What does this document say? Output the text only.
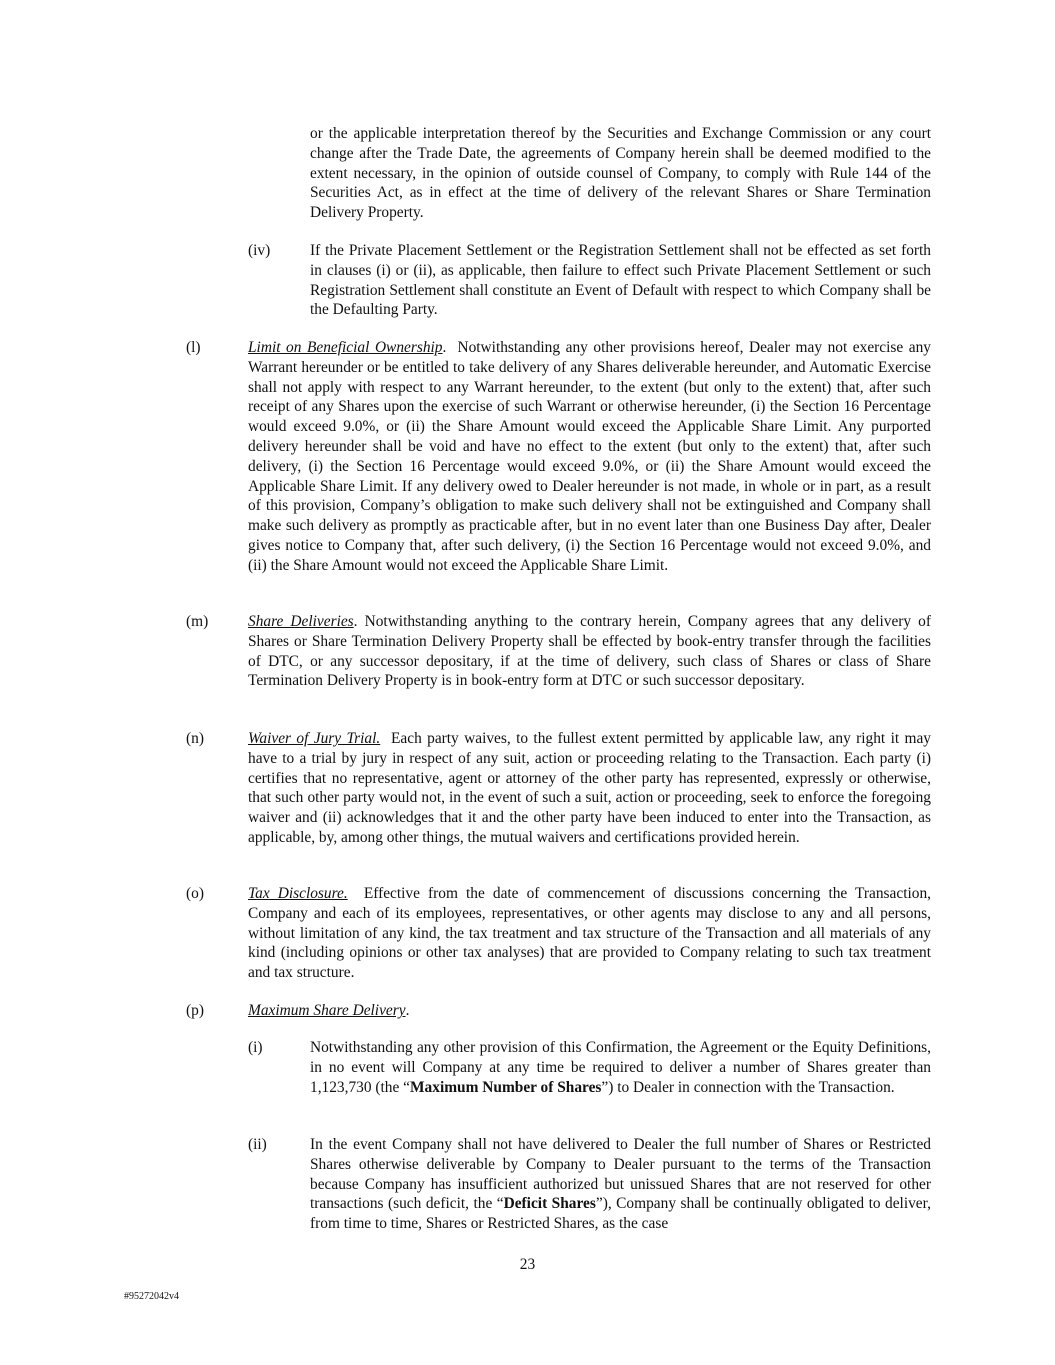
or the applicable interpretation thereof by the Securities and Exchange Commission or any court change after the Trade Date, the agreements of Company herein shall be deemed modified to the extent necessary, in the opinion of outside counsel of Company, to comply with Rule 144 of the Securities Act, as in effect at the time of delivery of the relevant Shares or Share Termination Delivery Property.

(iv)	If the Private Placement Settlement or the Registration Settlement shall not be effected as set forth in clauses (i) or (ii), as applicable, then failure to effect such Private Placement Settlement or such Registration Settlement shall constitute an Event of Default with respect to which Company shall be the Defaulting Party.

(l)	Limit on Beneficial Ownership.  Notwithstanding any other provisions hereof, Dealer may not exercise any Warrant hereunder or be entitled to take delivery of any Shares deliverable hereunder, and Automatic Exercise shall not apply with respect to any Warrant hereunder, to the extent (but only to the extent) that, after such receipt of any Shares upon the exercise of such Warrant or otherwise hereunder, (i) the Section 16 Percentage would exceed 9.0%, or (ii) the Share Amount would exceed the Applicable Share Limit. Any purported delivery hereunder shall be void and have no effect to the extent (but only to the extent) that, after such delivery, (i) the Section 16 Percentage would exceed 9.0%, or (ii) the Share Amount would exceed the Applicable Share Limit. If any delivery owed to Dealer hereunder is not made, in whole or in part, as a result of this provision, Company’s obligation to make such delivery shall not be extinguished and Company shall make such delivery as promptly as practicable after, but in no event later than one Business Day after, Dealer gives notice to Company that, after such delivery, (i) the Section 16 Percentage would not exceed 9.0%, and (ii) the Share Amount would not exceed the Applicable Share Limit.

(m)	Share Deliveries. Notwithstanding anything to the contrary herein, Company agrees that any delivery of Shares or Share Termination Delivery Property shall be effected by book-entry transfer through the facilities of DTC, or any successor depositary, if at the time of delivery, such class of Shares or class of Share Termination Delivery Property is in book-entry form at DTC or such successor depositary.

(n)	Waiver of Jury Trial. Each party waives, to the fullest extent permitted by applicable law, any right it may have to a trial by jury in respect of any suit, action or proceeding relating to the Transaction. Each party (i) certifies that no representative, agent or attorney of the other party has represented, expressly or otherwise, that such other party would not, in the event of such a suit, action or proceeding, seek to enforce the foregoing waiver and (ii) acknowledges that it and the other party have been induced to enter into the Transaction, as applicable, by, among other things, the mutual waivers and certifications provided herein.

(o)	Tax Disclosure. Effective from the date of commencement of discussions concerning the Transaction, Company and each of its employees, representatives, or other agents may disclose to any and all persons, without limitation of any kind, the tax treatment and tax structure of the Transaction and all materials of any kind (including opinions or other tax analyses) that are provided to Company relating to such tax treatment and tax structure.

(p)	Maximum Share Delivery.

(i)	Notwithstanding any other provision of this Confirmation, the Agreement or the Equity Definitions, in no event will Company at any time be required to deliver a number of Shares greater than 1,123,730 (the “Maximum Number of Shares”) to Dealer in connection with the Transaction.

(ii)	In the event Company shall not have delivered to Dealer the full number of Shares or Restricted Shares otherwise deliverable by Company to Dealer pursuant to the terms of the Transaction because Company has insufficient authorized but unissued Shares that are not reserved for other transactions (such deficit, the “Deficit Shares”), Company shall be continually obligated to deliver, from time to time, Shares or Restricted Shares, as the case

23
#95272042v4
